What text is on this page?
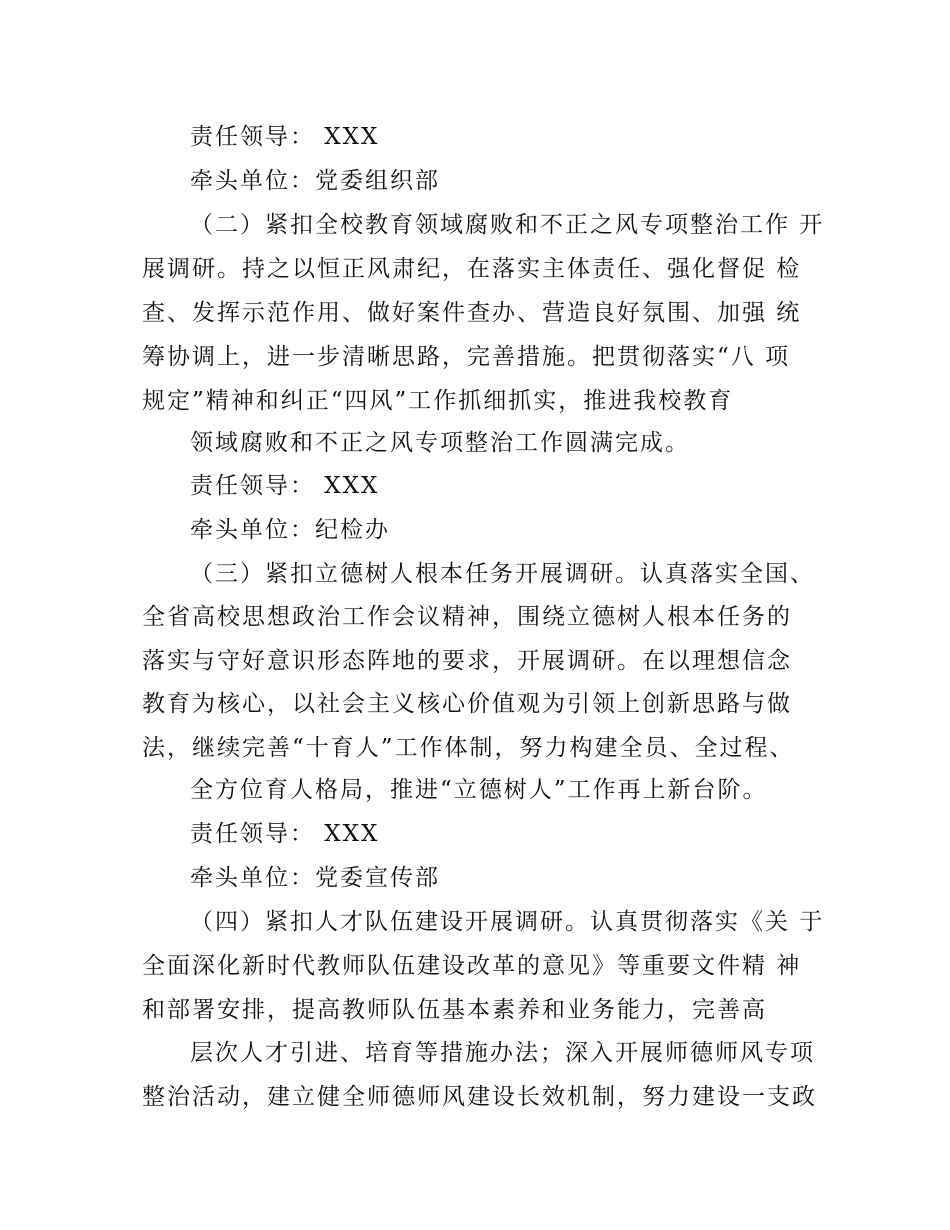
责任领导： XXX
牵头单位：党委组织部
（二）紧扣全校教育领域腐败和不正之风专项整治工作 开
展调研。持之以恒正风肃纪，在落实主体责任、强化督促 检
查、发挥示范作用、做好案件查办、营造良好氛围、加强 统
筹协调上，进一步清晰思路，完善措施。把贯彻落实“八 项
规定”精神和纠正“四风”工作抓细抓实，推进我校教育
领域腐败和不正之风专项整治工作圆满完成。
责任领导： XXX
牵头单位：纪检办
（三）紧扣立德树人根本任务开展调研。认真落实全国、
全省高校思想政治工作会议精神，围绕立德树人根本任务的
落实与守好意识形态阵地的要求，开展调研。在以理想信念
教育为核心，以社会主义核心价值观为引领上创新思路与做
法，继续完善“十育人”工作体制，努力构建全员、全过程、
全方位育人格局，推进“立德树人”工作再上新台阶。
责任领导： XXX
牵头单位：党委宣传部
（四）紧扣人才队伍建设开展调研。认真贯彻落实《关 于
全面深化新时代教师队伍建设改革的意见》等重要文件精 神
和部署安排，提高教师队伍基本素养和业务能力，完善高
层次人才引进、培育等措施办法；深入开展师德师风专项
整治活动，建立健全师德师风建设长效机制，努力建设一支政
